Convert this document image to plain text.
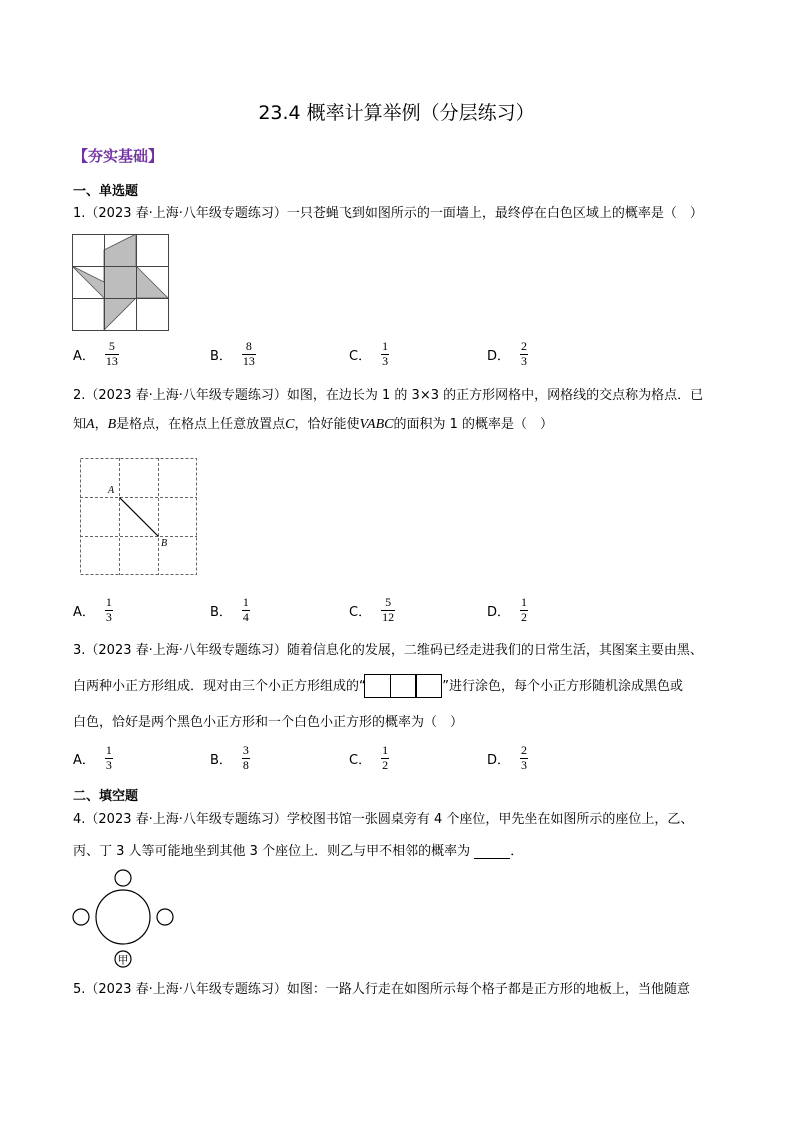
23.4 概率计算举例（分层练习）
【夯实基础】
一、单选题
1.（2023 春·上海·八年级专题练习）一只苍蝇飞到如图所示的一面墙上，最终停在白色区域上的概率是（　）
A． $\frac{5}{13}$	B． $\frac{8}{13}$	C． $\frac{1}{3}$	D． $\frac{2}{3}$
2.（2023 春·上海·八年级专题练习）如图，在边长为 1 的 3×3 的正方形网格中，网格线的交点称为格点．已
知A，B是格点，在格点上任意放置点C，恰好能使VABC的面积为 1 的概率是（　）
A
B
A． $\frac{1}{3}$	B． $\frac{1}{4}$	C． $\frac{5}{12}$	D． $\frac{1}{2}$
3.（2023 春·上海·八年级专题练习）随着信息化的发展，二维码已经走进我们的日常生活，其图案主要由黑、
白两种小正方形组成．现对由三个小正方形组成的“	”进行涂色，每个小正方形随机涂成黑色或
白色，恰好是两个黑色小正方形和一个白色小正方形的概率为（　）
A． $\frac{1}{3}$	B． $\frac{3}{8}$	C． $\frac{1}{2}$	D． $\frac{2}{3}$
二、填空题
4.（2023 春·上海·八年级专题练习）学校图书馆一张圆桌旁有 4 个座位，甲先坐在如图所示的座位上，乙、
丙、丁 3 人等可能地坐到其他 3 个座位上．则乙与甲不相邻的概率为	．
甲
5.（2023 春·上海·八年级专题练习）如图：一路人行走在如图所示每个格子都是正方形的地板上，当他随意
